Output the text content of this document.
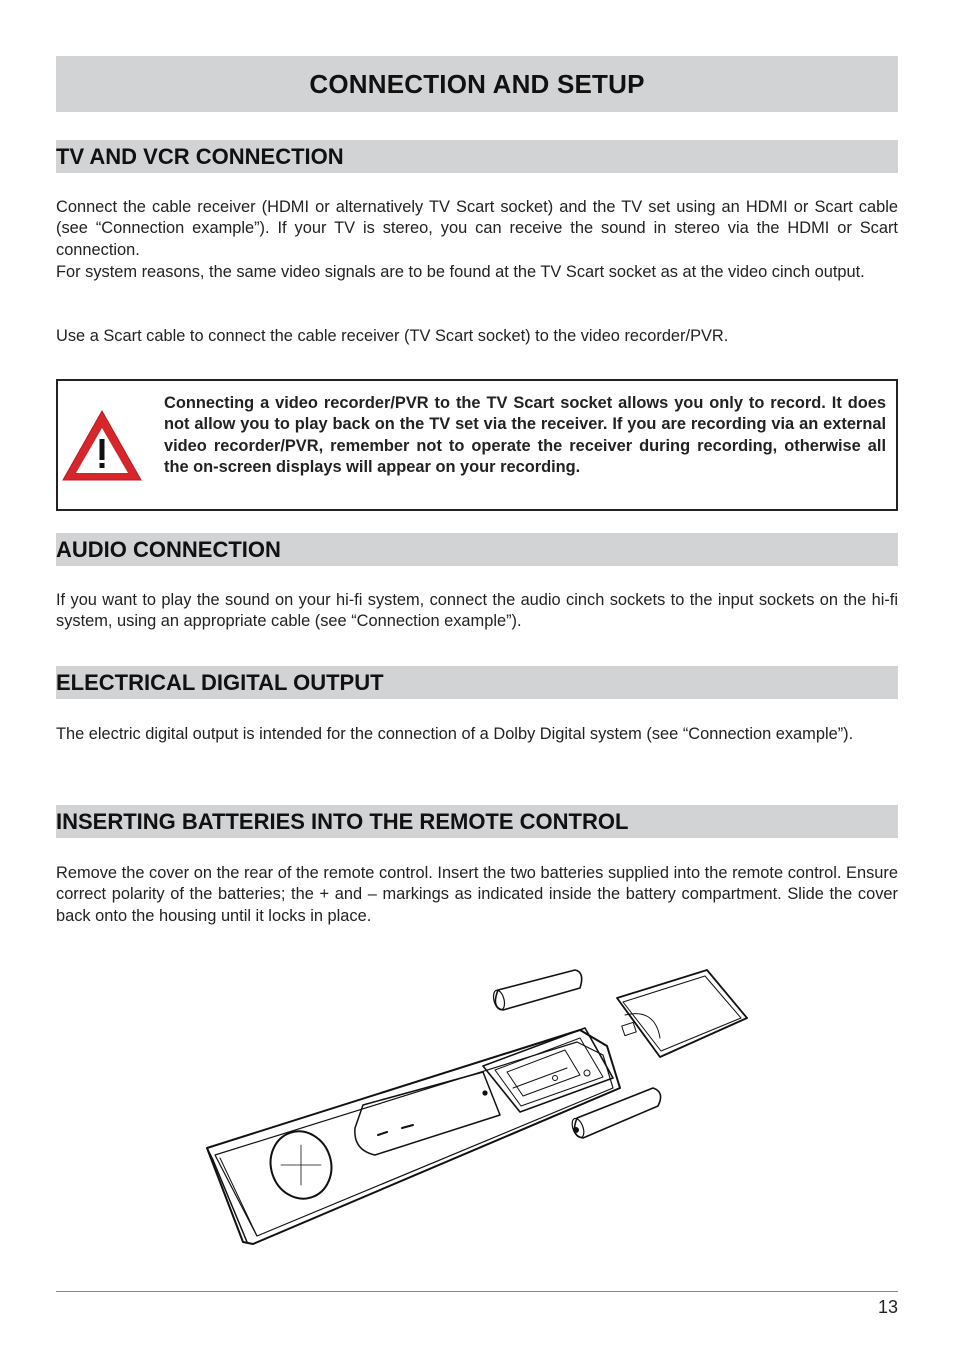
CONNECTION AND SETUP
TV AND VCR CONNECTION

Connect the cable receiver (HDMI or alternatively TV Scart socket) and the TV set using an HDMI or Scart cable (see “Connection example”). If your TV is stereo, you can receive the sound in stereo via the HDMI or Scart connection.

For system reasons, the same video signals are to be found at the TV Scart socket as at the video cinch output.

Use a Scart cable to connect the cable receiver (TV Scart socket) to the video recorder/PVR.

Connecting a video recorder/PVR to the TV Scart socket allows you only to record. It does not allow you to play back on the TV set via the receiver. If you are recording via an external video recorder/PVR, remember not to operate the receiver during recording, otherwise all the on-screen displays will appear on your recording.

AUDIO CONNECTION

If you want to play the sound on your hi-fi system, connect the audio cinch sockets to the input sockets on the hi-fi system, using an appropriate cable (see “Connection example”).

ELECTRICAL DIGITAL OUTPUT

The electric digital output is intended for the connection of a Dolby Digital system (see “Connection example”).

INSERTING BATTERIES INTO THE REMOTE CONTROL

Remove the cover on the rear of the remote control. Insert the two batteries supplied into the remote control. Ensure correct polarity of the batteries; the + and – markings as indicated inside the battery compartment. Slide the cover back onto the housing until it locks in place.

13
